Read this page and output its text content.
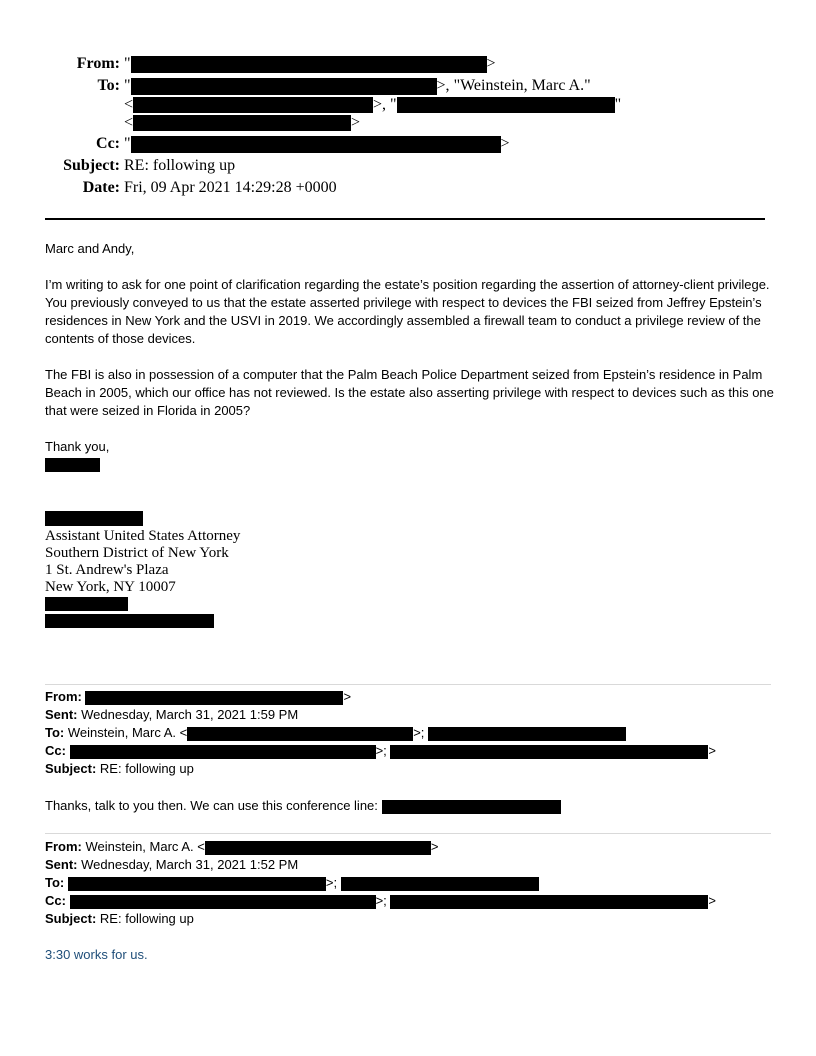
From: "	>
To: "	>, "Weinstein, Marc A."
<	>, "	"
<	>
Cc: "	>
Subject: RE: following up
Date: Fri, 09 Apr 2021 14:29:28 +0000

Marc and Andy,

I’m writing to ask for one point of clarification regarding the estate’s position regarding the assertion of attorney-client privilege. You previously conveyed to us that the estate asserted privilege with respect to devices the FBI seized from Jeffrey Epstein’s residences in New York and the USVI in 2019. We accordingly assembled a firewall team to conduct a privilege review of the contents of those devices.

The FBI is also in possession of a computer that the Palm Beach Police Department seized from Epstein’s residence in Palm Beach in 2005, which our office has not reviewed. Is the estate also asserting privilege with respect to devices such as this one that were seized in Florida in 2005?

Thank you,

Assistant United States Attorney
Southern District of New York
1 St. Andrew's Plaza
New York, NY 10007
From:	>
Sent: Wednesday, March 31, 2021 1:59 PM
To: Weinstein, Marc A. <	>;
Cc:	>;	>
Subject: RE: following up
Thanks, talk to you then. We can use this conference line:
From: Weinstein, Marc A. <	>
Sent: Wednesday, March 31, 2021 1:52 PM
To:	>;
Cc:	>;	>
Subject: RE: following up
3:30 works for us.
